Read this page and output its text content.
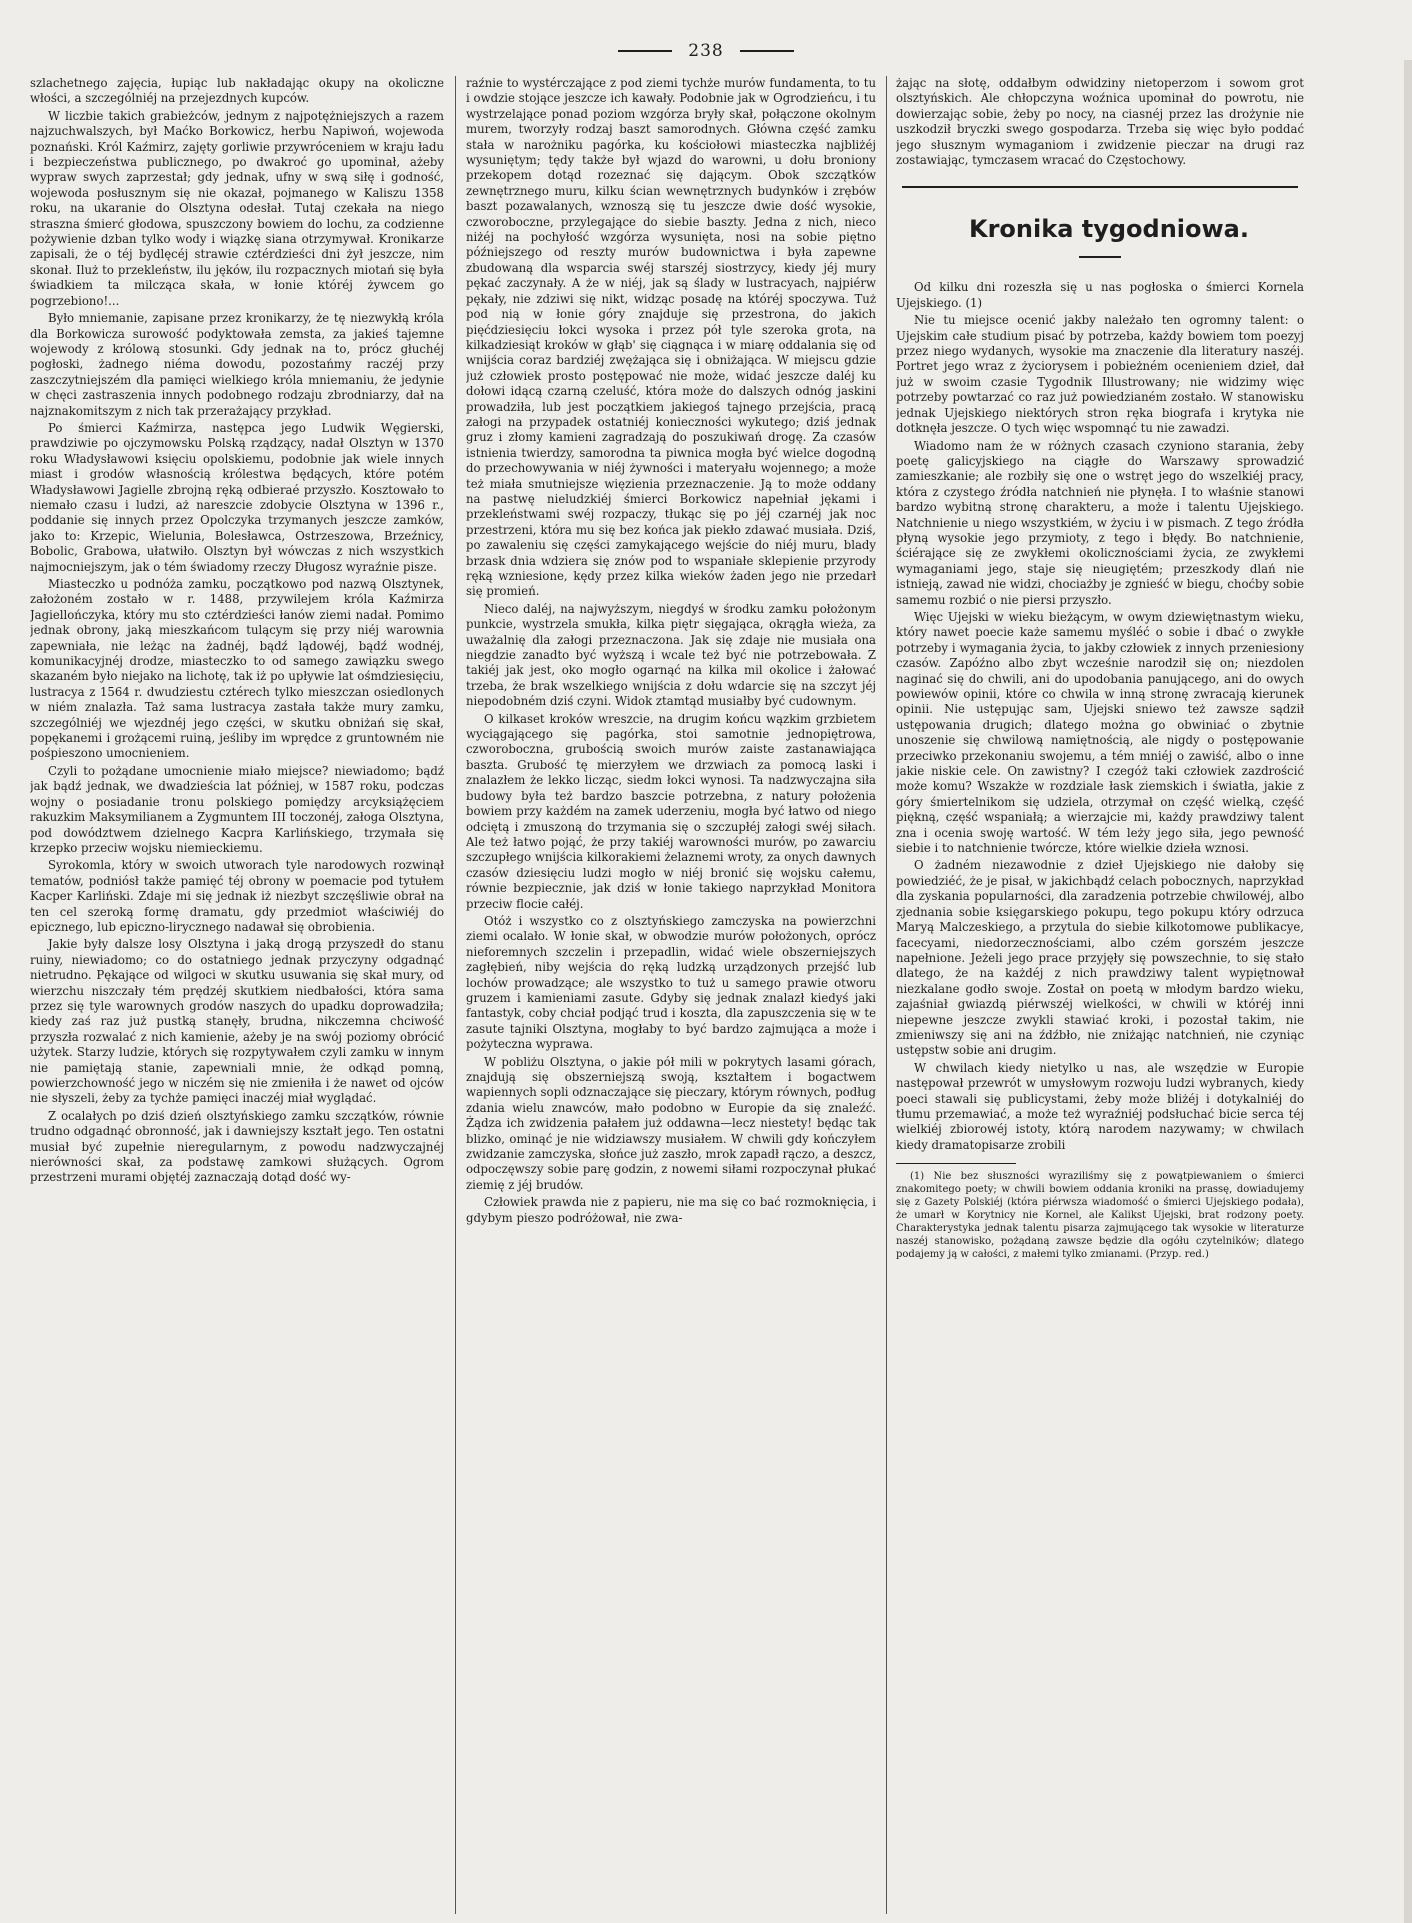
238

szlachetnego zajęcia, łupiąc lub nakładając okupy na okoliczne włości, a szczególniéj na przejezdnych kupców.

W liczbie takich grabieżców, jednym z najpotężniejszych a razem najzuchwalszych, był Maćko Borkowicz, herbu Napiwoń, wojewoda poznański. Król Kaźmirz, zajęty gorliwie przywróceniem w kraju ładu i bezpieczeństwa publicznego, po dwakroć go upominał, ażeby wypraw swych zaprzestał; gdy jednak, ufny w swą siłę i godność, wojewoda posłusznym się nie okazał, pojmanego w Kaliszu 1358 roku, na ukaranie do Olsztyna odesłał. Tutaj czekała na niego straszna śmierć głodowa, spuszczony bowiem do lochu, za codzienne pożywienie dzban tylko wody i wiązkę siana otrzymywał. Kronikarze zapisali, że o téj bydlęcéj strawie cztérdzieści dni żył jeszcze, nim skonał. Iluż to przekleństw, ilu jęków, ilu rozpacznych miotań się była świadkiem ta milcząca skała, w łonie któréj żywcem go pogrzebiono!...

Było mniemanie, zapisane przez kronikarzy, że tę niezwykłą króla dla Borkowicza surowość podyktowała zemsta, za jakieś tajemne wojewody z królową stosunki. Gdy jednak na to, prócz głuchéj pogłoski, żadnego niéma dowodu, pozostańmy raczéj przy zaszczytniejszém dla pamięci wielkiego króla mniemaniu, że jedynie w chęci zastraszenia innych podobnego rodzaju zbrodniarzy, dał na najznakomitszym z nich tak przerażający przykład.

Po śmierci Kaźmirza, następca jego Ludwik Węgierski, prawdziwie po ojczymowsku Polską rządzący, nadał Olsztyn w 1370 roku Władysławowi księciu opolskiemu, podobnie jak wiele innych miast i grodów własnością królestwa będących, które potém Władysławowi Jagielle zbrojną ręką odbieraé przyszło. Kosztowało to niemało czasu i ludzi, aż nareszcie zdobycie Olsztyna w 1396 r., poddanie się innych przez Opolczyka trzymanych jeszcze zamków, jako to: Krzepic, Wielunia, Bolesławca, Ostrzeszowa, Brzeźnicy, Bobolic, Grabowa, ułatwiło. Olsztyn był wówczas z nich wszystkich najmocniejszym, jak o tém świadomy rzeczy Długosz wyraźnie pisze.

Miasteczko u podnóża zamku, początkowo pod nazwą Olsztynek, założoném zostało w r. 1488, przywilejem króla Kaźmirza Jagiellończyka, który mu sto cztérdzieści łanów ziemi nadał. Pomimo jednak obrony, jaką mieszkańcom tulącym się przy niéj warownia zapewniała, nie leżąc na żadnéj, bądź lądowéj, bądź wodnéj, komunikacyjnéj drodze, miasteczko to od samego zawiązku swego skazaném było niejako na lichotę, tak iż po upływie lat ośmdziesięciu, lustracya z 1564 r. dwudziestu cztérech tylko mieszczan osiedlonych w niém znalazła. Taż sama lustracya zastała także mury zamku, szczególniéj we wjezdnéj jego części, w skutku obniżań się skał, popękanemi i grożącemi ruiną, jeśliby im wprędce z gruntowném nie pośpieszono umocnieniem.

Czyli to pożądane umocnienie miało miejsce? niewiadomo; bądź jak bądź jednak, we dwadzieścia lat później, w 1587 roku, podczas wojny o posiadanie tronu polskiego pomiędzy arcyksiążęciem rakuzkim Maksymilianem a Zygmuntem III toczonéj, załoga Olsztyna, pod dowództwem dzielnego Kacpra Karlińskiego, trzymała się krzepko przeciw wojsku niemieckiemu.

Syrokomla, który w swoich utworach tyle narodowych rozwinął tematów, podniósł także pamięć téj obrony w poemacie pod tytułem Kacper Karliński. Zdaje mi się jednak iż niezbyt szczęśliwie obrał na ten cel szeroką formę dramatu, gdy przedmiot właściwiéj do epicznego, lub epiczno-lirycznego nadawał się obrobienia.

Jakie były dalsze losy Olsztyna i jaką drogą przyszedł do stanu ruiny, niewiadomo; co do ostatniego jednak przyczyny odgadnąć nietrudno. Pękające od wilgoci w skutku usuwania się skał mury, od wierzchu niszczały tém prędzéj skutkiem niedbałości, która sama przez się tyle warownych grodów naszych do upadku doprowadziła; kiedy zaś raz już pustką stanęły, brudna, nikczemna chciwość przyszła rozwalać z nich kamienie, ażeby je na swój poziomy obrócić użytek. Starzy ludzie, których się rozpytywałem czyli zamku w innym nie pamiętają stanie, zapewniali mnie, że odkąd pomną, powierzchowność jego w niczém się nie zmieniła i że nawet od ojców nie słyszeli, żeby za tychże pamięci inaczéj miał wyglądać.

Z ocalałych po dziś dzień olsztyńskiego zamku szczątków, równie trudno odgadnąć obronność, jak i dawniejszy kształt jego. Ten ostatni musiał być zupełnie nieregularnym, z powodu nadzwyczajnéj nierówności skał, za podstawę zamkowi służących. Ogrom przestrzeni murami objętéj zaznaczają dotąd dość wy-

raźnie to wystérczające z pod ziemi tychże murów fundamenta, to tu i owdzie stojące jeszcze ich kawały. Podobnie jak w Ogrodzieńcu, i tu wystrzelające ponad poziom wzgórza bryły skał, połączone okolnym murem, tworzyły rodzaj baszt samorodnych. Główna część zamku stała w narożniku pagórka, ku kościołowi miasteczka najbliżéj wysuniętym; tędy także był wjazd do warowni, u dołu broniony przekopem dotąd rozeznać się dającym. Obok szczątków zewnętrznego muru, kilku ścian wewnętrznych budynków i zrębów baszt pozawalanych, wznoszą się tu jeszcze dwie dość wysokie, czworoboczne, przylegające do siebie baszty. Jedna z nich, nieco niżéj na pochyłość wzgórza wysunięta, nosi na sobie piętno późniejszego od reszty murów budownictwa i była zapewne zbudowaną dla wsparcia swéj starszéj siostrzycy, kiedy jéj mury pękać zaczynały. A że w niéj, jak są ślady w lustracyach, najpiérw pękały, nie zdziwi się nikt, widząc posadę na któréj spoczywa. Tuż pod nią w łonie góry znajduje się przestrona, do jakich pięćdziesięciu łokci wysoka i przez pół tyle szeroka grota, na kilkadziesiąt kroków w głąb' się ciągnąca i w miarę oddalania się od wnijścia coraz bardziéj zwężająca się i obniżająca. W miejscu gdzie już człowiek prosto postępować nie może, widać jeszcze daléj ku dołowi idącą czarną czeluść, która może do dalszych odnóg jaskini prowadziła, lub jest początkiem jakiegoś tajnego przejścia, pracą załogi na przypadek ostatniéj konieczności wykutego; dziś jednak gruz i złomy kamieni zagradzają do poszukiwań drogę. Za czasów istnienia twierdzy, samorodna ta piwnica mogła być wielce dogodną do przechowywania w niéj żywności i materyału wojennego; a może też miała smutniejsze więzienia przeznaczenie. Ją to może oddany na pastwę nieludzkiéj śmierci Borkowicz napełniał jękami i przekleństwami swéj rozpaczy, tłukąc się po jéj czarnéj jak noc przestrzeni, która mu się bez końca jak piekło zdawać musiała. Dziś, po zawaleniu się części zamykającego wejście do niéj muru, blady brzask dnia wdziera się znów pod to wspaniałe sklepienie przyrody ręką wzniesione, kędy przez kilka wieków żaden jego nie przedarł się promień.

Nieco daléj, na najwyższym, niegdyś w środku zamku położonym punkcie, wystrzela smukła, kilka piętr sięgająca, okrągła wieża, za uważalnię dla załogi przeznaczona. Jak się zdaje nie musiała ona niegdzie zanadto być wyższą i wcale też być nie potrzebowała. Z takiéj jak jest, oko mogło ogarnąć na kilka mil okolice i żałować trzeba, że brak wszelkiego wnijścia z dołu wdarcie się na szczyt jéj niepodobném dziś czyni. Widok ztamtąd musiałby być cudownym.

O kilkaset kroków wreszcie, na drugim końcu wązkim grzbietem wyciągającego się pagórka, stoi samotnie jednopiętrowa, czworoboczna, grubością swoich murów zaiste zastanawiająca baszta. Grubość tę mierzyłem we drzwiach za pomocą laski i znalazłem że lekko licząc, siedm łokci wynosi. Ta nadzwyczajna siła budowy była też bardzo baszcie potrzebna, z natury położenia bowiem przy każdém na zamek uderzeniu, mogła być łatwo od niego odciętą i zmuszoną do trzymania się o szczupłéj załogi swéj siłach. Ale też łatwo pojąć, że przy takiéj warowności murów, po zawarciu szczupłego wnijścia kilkorakiemi żelaznemi wroty, za onych dawnych czasów dziesięciu ludzi mogło w niéj bronić się wojsku całemu, równie bezpiecznie, jak dziś w łonie takiego naprzykład Monitora przeciw flocie całéj.

Otóż i wszystko co z olsztyńskiego zamczyska na powierzchni ziemi ocalało. W łonie skał, w obwodzie murów położonych, oprócz nieforemnych szczelin i przepadlin, widać wiele obszerniejszych zagłębień, niby wejścia do ręką ludzką urządzonych przejść lub lochów prowadzące; ale wszystko to tuż u samego prawie otworu gruzem i kamieniami zasute. Gdyby się jednak znalazł kiedyś jaki fantastyk, coby chciał podjąć trud i koszta, dla zapuszczenia się w te zasute tajniki Olsztyna, mogłaby to być bardzo zajmująca a może i pożyteczna wyprawa.

W pobliżu Olsztyna, o jakie pół mili w pokrytych lasami górach, znajdują się obszerniejszą swoją, kształtem i bogactwem wapiennych sopli odznaczające się pieczary, którym równych, podług zdania wielu znawców, mało podobno w Europie da się znaleźć. Żądza ich zwidzenia pałałem już oddawna—lecz niestety! będąc tak blizko, ominąć je nie widziawszy musiałem. W chwili gdy kończyłem zwidzanie zamczyska, słońce już zaszło, mrok zapadł rączo, a deszcz, odpoczęwszy sobie parę godzin, z nowemi siłami rozpoczynał płukać ziemię z jéj brudów.

Człowiek prawda nie z papieru, nie ma się co bać rozmoknięcia, i gdybym pieszo podróżował, nie zwa-

żając na słotę, oddałbym odwidziny nietoperzom i sowom grot olsztyńskich. Ale chłopczyna woźnica upominał do powrotu, nie dowierzając sobie, żeby po nocy, na ciasnéj przez las drożynie nie uszkodził bryczki swego gospodarza. Trzeba się więc było poddać jego słusznym wymaganiom i zwidzenie pieczar na drugi raz zostawiając, tymczasem wracać do Częstochowy.

Kronika tygodniowa.

Od kilku dni rozeszła się u nas pogłoska o śmierci Kornela Ujejskiego. (1)

Nie tu miejsce ocenić jakby należało ten ogromny talent: o Ujejskim całe studium pisać by potrzeba, każdy bowiem tom poezyj przez niego wydanych, wysokie ma znaczenie dla literatury naszéj. Portret jego wraz z życiorysem i pobieżném ocenieniem dzieł, dał już w swoim czasie Tygodnik Illustrowany; nie widzimy więc potrzeby powtarzać co raz już powiedzianém zostało. W stanowisku jednak Ujejskiego niektórych stron ręka biografa i krytyka nie dotknęła jeszcze. O tych więc wspomnąć tu nie zawadzi.

Wiadomo nam że w różnych czasach czyniono starania, żeby poetę galicyjskiego na ciągłe do Warszawy sprowadzić zamieszkanie; ale rozbiły się one o wstręt jego do wszelkiéj pracy, która z czystego źródła natchnień nie płynęła. I to właśnie stanowi bardzo wybitną stronę charakteru, a może i talentu Ujejskiego. Natchnienie u niego wszystkiém, w życiu i w pismach. Z tego źródła płyną wysokie jego przymioty, z tego i błędy. Bo natchnienie, ściérające się ze zwykłemi okolicznościami życia, ze zwykłemi wymaganiami jego, staje się nieugiętém; przeszkody dlań nie istnieją, zawad nie widzi, chociażby je zgnieść w biegu, choćby sobie samemu rozbić o nie piersi przyszło.

Więc Ujejski w wieku bieżącym, w owym dziewiętnastym wieku, który nawet poecie każe samemu myśléć o sobie i dbać o zwykłe potrzeby i wymagania życia, to jakby człowiek z innych przeniesiony czasów. Zapóźno albo zbyt wcześnie narodził się on; niezdolen naginać się do chwili, ani do upodobania panującego, ani do owych powiewów opinii, które co chwila w inną stronę zwracają kierunek opinii. Nie ustępując sam, Ujejski sniewo też zawsze sądził ustępowania drugich; dlatego można go obwiniać o zbytnie unoszenie się chwilową namiętnością, ale nigdy o postępowanie przeciwko przekonaniu swojemu, a tém mniéj o zawiść, albo o inne jakie niskie cele. On zawistny? I czegóż taki człowiek zazdrościć może komu? Wszakże w rozdziale łask ziemskich i światła, jakie z góry śmiertelnikom się udziela, otrzymał on część wielką, część piękną, część wspaniałą; a wierzajcie mi, każdy prawdziwy talent zna i ocenia swoję wartość. W tém leży jego siła, jego pewność siebie i to natchnienie twórcze, które wielkie dzieła wznosi.

O żadném niezawodnie z dzieł Ujejskiego nie dałoby się powiedziéć, że je pisał, w jakichbądź celach pobocznych, naprzykład dla zyskania popularności, dla zaradzenia potrzebie chwilowéj, albo zjednania sobie księgarskiego pokupu, tego pokupu który odrzuca Maryą Malczeskiego, a przytula do siebie kilkotomowe publikacye, facecyami, niedorzecznościami, albo czém gorszém jeszcze napełnione. Jeżeli jego prace przyjęły się powszechnie, to się stało dlatego, że na każdéj z nich prawdziwy talent wypiętnował niezkalane godło swoje. Został on poetą w młodym bardzo wieku, zajaśniał gwiazdą piérwszéj wielkości, w chwili w któréj inni niepewne jeszcze zwykli stawiać kroki, i pozostał takim, nie zmieniwszy się ani na źdźbło, nie zniżając natchnień, nie czyniąc ustępstw sobie ani drugim.

W chwilach kiedy nietylko u nas, ale wszędzie w Europie następował przewrót w umysłowym rozwoju ludzi wybranych, kiedy poeci stawali się publicystami, żeby może bliżéj i dotykalniéj do tłumu przemawiać, a może też wyraźniéj podsłuchać bicie serca téj wielkiéj zbiorowéj istoty, którą narodem nazywamy; w chwilach kiedy dramatopisarze zrobili

(1) Nie bez słuszności wyraziliśmy się z powątpiewaniem o śmierci znakomitego poety; w chwili bowiem oddania kroniki na prassę, dowiadujemy się z Gazety Polskiéj (która piérwsza wiadomość o śmierci Ujejskiego podała), że umarł w Korytnicy nie Kornel, ale Kalikst Ujejski, brat rodzony poety. Charakterystyka jednak talentu pisarza zajmującego tak wysokie w literaturze naszéj stanowisko, pożądaną zawsze będzie dla ogółu czytelników; dlatego podajemy ją w całości, z małemi tylko zmianami. (Przyp. red.)
